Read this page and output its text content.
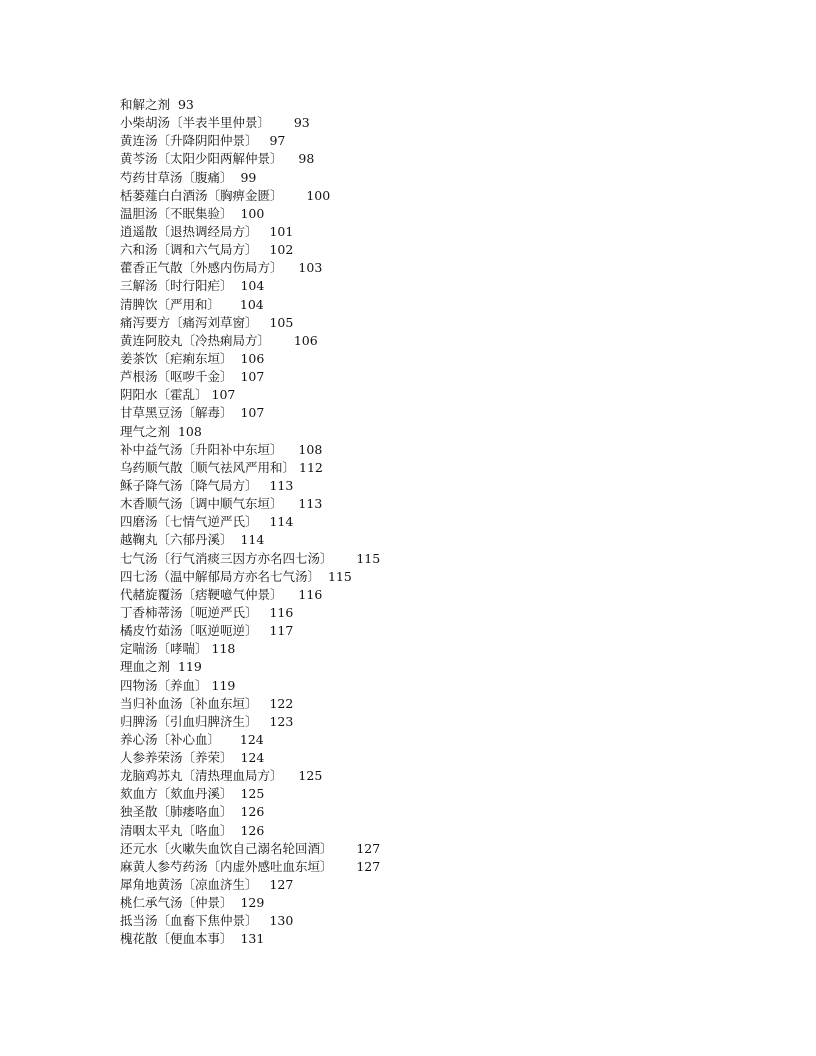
和解之剂
93
小柴胡汤〔半表半里仲景〕
93
黄连汤〔升降阴阳仲景〕
97
黄芩汤〔太阳少阳两解仲景〕
98
芍药甘草汤〔腹痛〕
99
栝蒌薤白白酒汤〔胸痹金匮〕
100
温胆汤〔不眠集验〕
100
逍遥散〔退热调经局方〕
101
六和汤〔调和六气局方〕
102
藿香正气散〔外感内伤局方〕
103
三解汤〔时行阳疟〕
104
清脾饮〔严用和〕
104
痛泻要方〔痛泻刘草窗〕
105
黄连阿胶丸〔冷热痢局方〕
106
姜茶饮〔疟痢东垣〕
106
芦根汤〔呕哕千金〕
107
阴阳水〔霍乱〕
107
甘草黑豆汤〔解毒〕
107
理气之剂
108
补中益气汤〔升阳补中东垣〕
108
乌药顺气散〔顺气祛风严用和〕
112
稣子降气汤〔降气局方〕
113
木香顺气汤〔调中顺气东垣〕
113
四磨汤〔七情气逆严氏〕
114
越鞠丸〔六郁丹溪〕
114
七气汤〔行气消痰三因方亦名四七汤〕
115
四七汤（温中解郁局方亦名七气汤〕
115
代赭旋覆汤〔痞鞕噫气仲景〕
116
丁香柿蒂汤〔呃逆严氏〕
116
橘皮竹茹汤〔呕逆呃逆〕
117
定喘汤〔哮喘〕
118
理血之剂
119
四物汤〔养血〕
119
当归补血汤〔补血东垣〕
122
归脾汤〔引血归脾济生〕
123
养心汤〔补心血〕
124
人参养荣汤〔养荣〕
124
龙脑鸡苏丸〔清热理血局方〕
125
欬血方〔欬血丹溪〕
125
独圣散〔肺痿咯血〕
126
清咽太平丸〔咯血〕
126
还元水〔火嗽失血饮自己溺名轮回酒〕
127
麻黄人参芍药汤〔内虚外感吐血东垣〕
127
犀角地黄汤〔凉血济生〕
127
桃仁承气汤〔仲景〕
129
抵当汤〔血畜下焦仲景〕
130
槐花散〔便血本事〕
131
